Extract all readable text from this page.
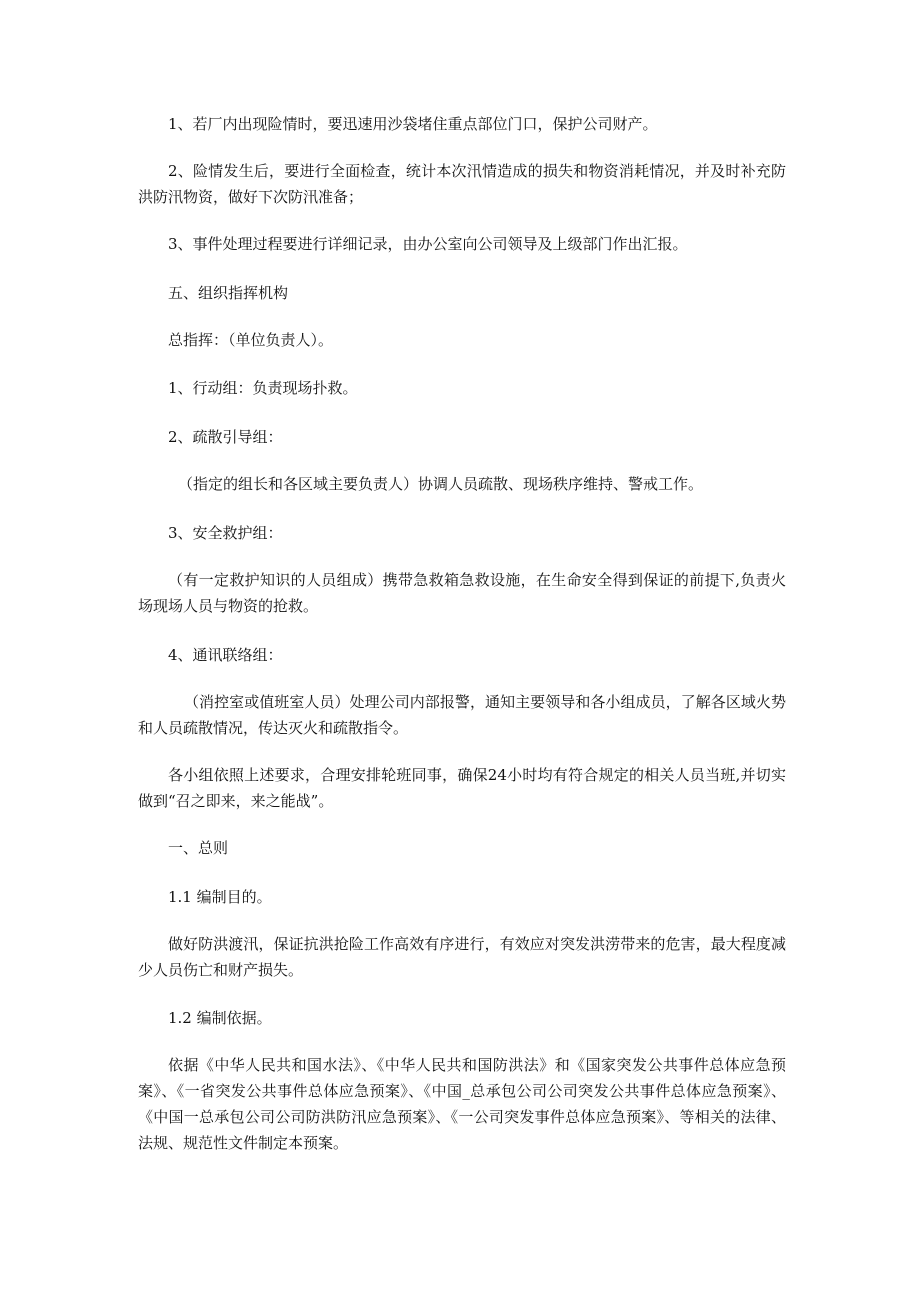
1、若厂内出现险情时，要迅速用沙袋堵住重点部位门口，保护公司财产。

2、险情发生后，要进行全面检查，统计本次汛情造成的损失和物资消耗情况，并及时补充防洪防汛物资，做好下次防汛准备；

3、事件处理过程要进行详细记录，由办公室向公司领导及上级部门作出汇报。

五、组织指挥机构

总指挥：（单位负责人）。

1、行动组：负责现场扑救。

2、疏散引导组：

（指定的组长和各区域主要负责人）协调人员疏散、现场秩序维持、警戒工作。

3、安全救护组：

（有一定救护知识的人员组成）携带急救箱急救设施，在生命安全得到保证的前提下,负责火场现场人员与物资的抢救。

4、通讯联络组：

（消控室或值班室人员）处理公司内部报警，通知主要领导和各小组成员，了解各区域火势和人员疏散情况，传达灭火和疏散指令。

各小组依照上述要求，合理安排轮班同事，确保24小时均有符合规定的相关人员当班,并切实做到“召之即来，来之能战”。

一、总则

1.1 编制目的。

做好防洪渡汛，保证抗洪抢险工作高效有序进行，有效应对突发洪涝带来的危害，最大程度减少人员伤亡和财产损失。

1.2 编制依据。

依据《中华人民共和国水法》、《中华人民共和国防洪法》和《国家突发公共事件总体应急预案》、《一省突发公共事件总体应急预案》、《中国_总承包公司公司突发公共事件总体应急预案》、《中国一总承包公司公司防洪防汛应急预案》、《一公司突发事件总体应急预案》、等相关的法律、法规、规范性文件制定本预案。
